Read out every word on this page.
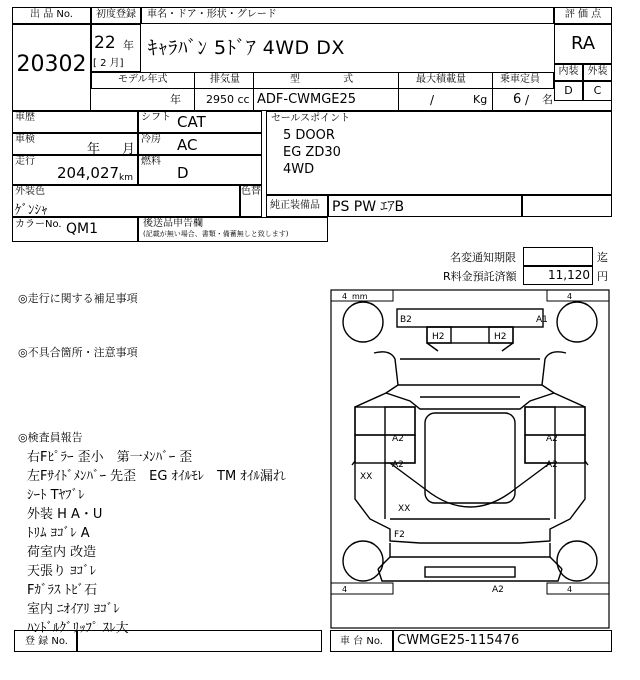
出 品 No.
20302
初度登録	車名・ドア・形状・グレード
22 年
[ 2 月]
ｷｬﾗﾊﾞﾝ 5ﾄﾞｱ 4WD DX
モデル年式	排気量	型 式	最大積載量	乗車定員
年 2950 cc ADF-CWMGE25	/	Kg 6 / 名
評 価 点
RA
内装 外装
D	C
車歴	シフト CAT
車検
年 月
冷房 AC
走行
204,027 km
燃料
D
セールスポイント
5 DOOR
EG ZD30
4WD
外装色
ｹﾞﾝｼｬ
色替
純正装備品 PS PW ｴｱB
カラーNo. QM1	後送品申告欄
(記載が無い場合、書類・備蓄無しと致します)
名変通知期限	迄
R料金預託済額	11,120 円
◎走行に関する補足事項
◎不具合箇所・注意事項
◎検査員報告
右Fﾋﾟﾗｰ 歪小　第一ﾒﾝﾊﾞｰ 歪
左Fｻｲﾄﾞﾒﾝﾊﾞｰ 先歪　EG ｵｲﾙﾓﾚ　TM ｵｲﾙ漏れ
ｼｰﾄ Tﾔﾌﾞﾚ
外装 H A・U
ﾄﾘﾑ ﾖｺﾞﾚ A
荷室内 改造
天張り ﾖｺﾞﾚ
Fｶﾞﾗｽ ﾄﾋﾞ石
室内 ﾆｵｲｱﾘ ﾖｺﾞﾚ
ﾊﾝﾄﾞﾙｸﾞﾘｯﾌﾟ ｽﾚ大
4 mm	4
4	4
B2	A1
H2	H2
A2	A2
A2	A2
XX
XX
F2
A2
登 録 No.	車 台 No. CWMGE25-115476
